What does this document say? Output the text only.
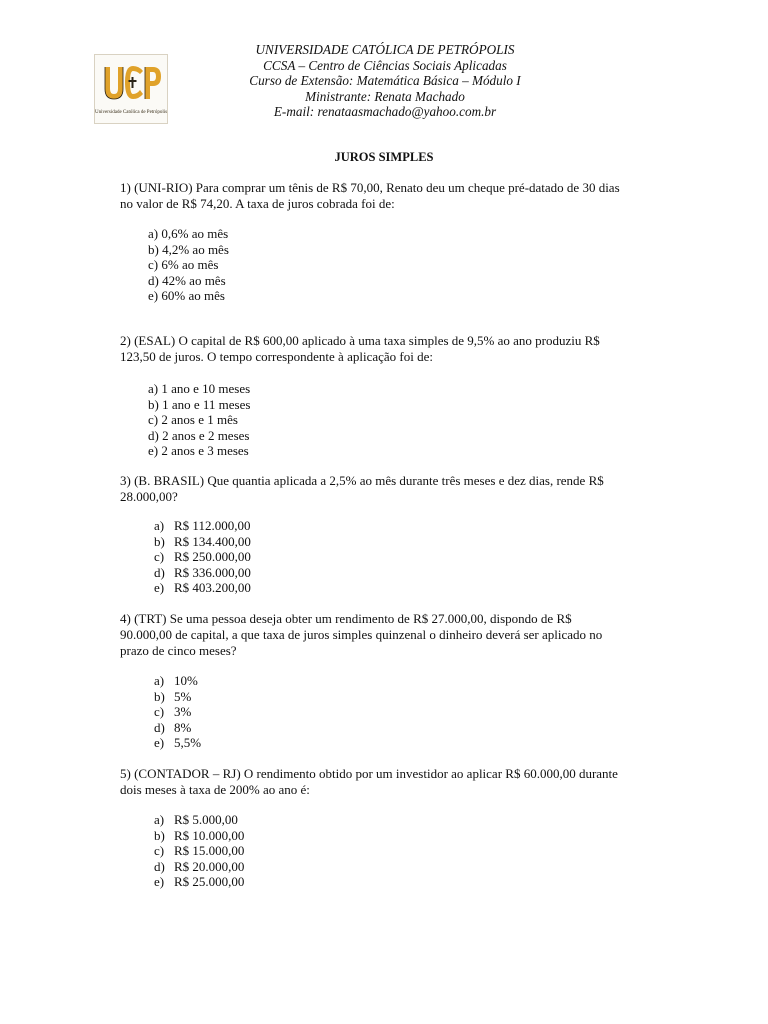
Universidade Católica de Petrópolis
UNIVERSIDADE CATÓLICA DE PETRÓPOLIS
CCSA – Centro de Ciências Sociais Aplicadas
Curso de Extensão: Matemática Básica – Módulo I
Ministrante: Renata Machado
E-mail: renataasmachado@yahoo.com.br
JUROS SIMPLES
1) (UNI-RIO) Para comprar um tênis de R$ 70,00, Renato deu um cheque pré-datado de 30 dias
no valor de R$ 74,20. A taxa de juros cobrada foi de:
a) 0,6% ao mês
b) 4,2% ao mês
c) 6% ao mês
d) 42% ao mês
e) 60% ao mês
2) (ESAL) O capital de R$ 600,00 aplicado à uma taxa simples de 9,5% ao ano produziu R$
123,50 de juros. O tempo correspondente à aplicação foi de:
a) 1 ano e 10 meses
b) 1 ano e 11 meses
c) 2 anos e 1 mês
d) 2 anos e 2 meses
e) 2 anos e 3 meses
3) (B. BRASIL) Que quantia aplicada a 2,5% ao mês durante três meses e dez dias, rende R$
28.000,00?
a) R$ 112.000,00
b) R$ 134.400,00
c) R$ 250.000,00
d) R$ 336.000,00
e) R$ 403.200,00
4) (TRT) Se uma pessoa deseja obter um rendimento de R$ 27.000,00, dispondo de R$
90.000,00 de capital, a que taxa de juros simples quinzenal o dinheiro deverá ser aplicado no
prazo de cinco meses?
a) 10%
b) 5%
c) 3%
d) 8%
e) 5,5%
5) (CONTADOR – RJ) O rendimento obtido por um investidor ao aplicar R$ 60.000,00 durante
dois meses à taxa de 200% ao ano é:
a) R$ 5.000,00
b) R$ 10.000,00
c) R$ 15.000,00
d) R$ 20.000,00
e) R$ 25.000,00
